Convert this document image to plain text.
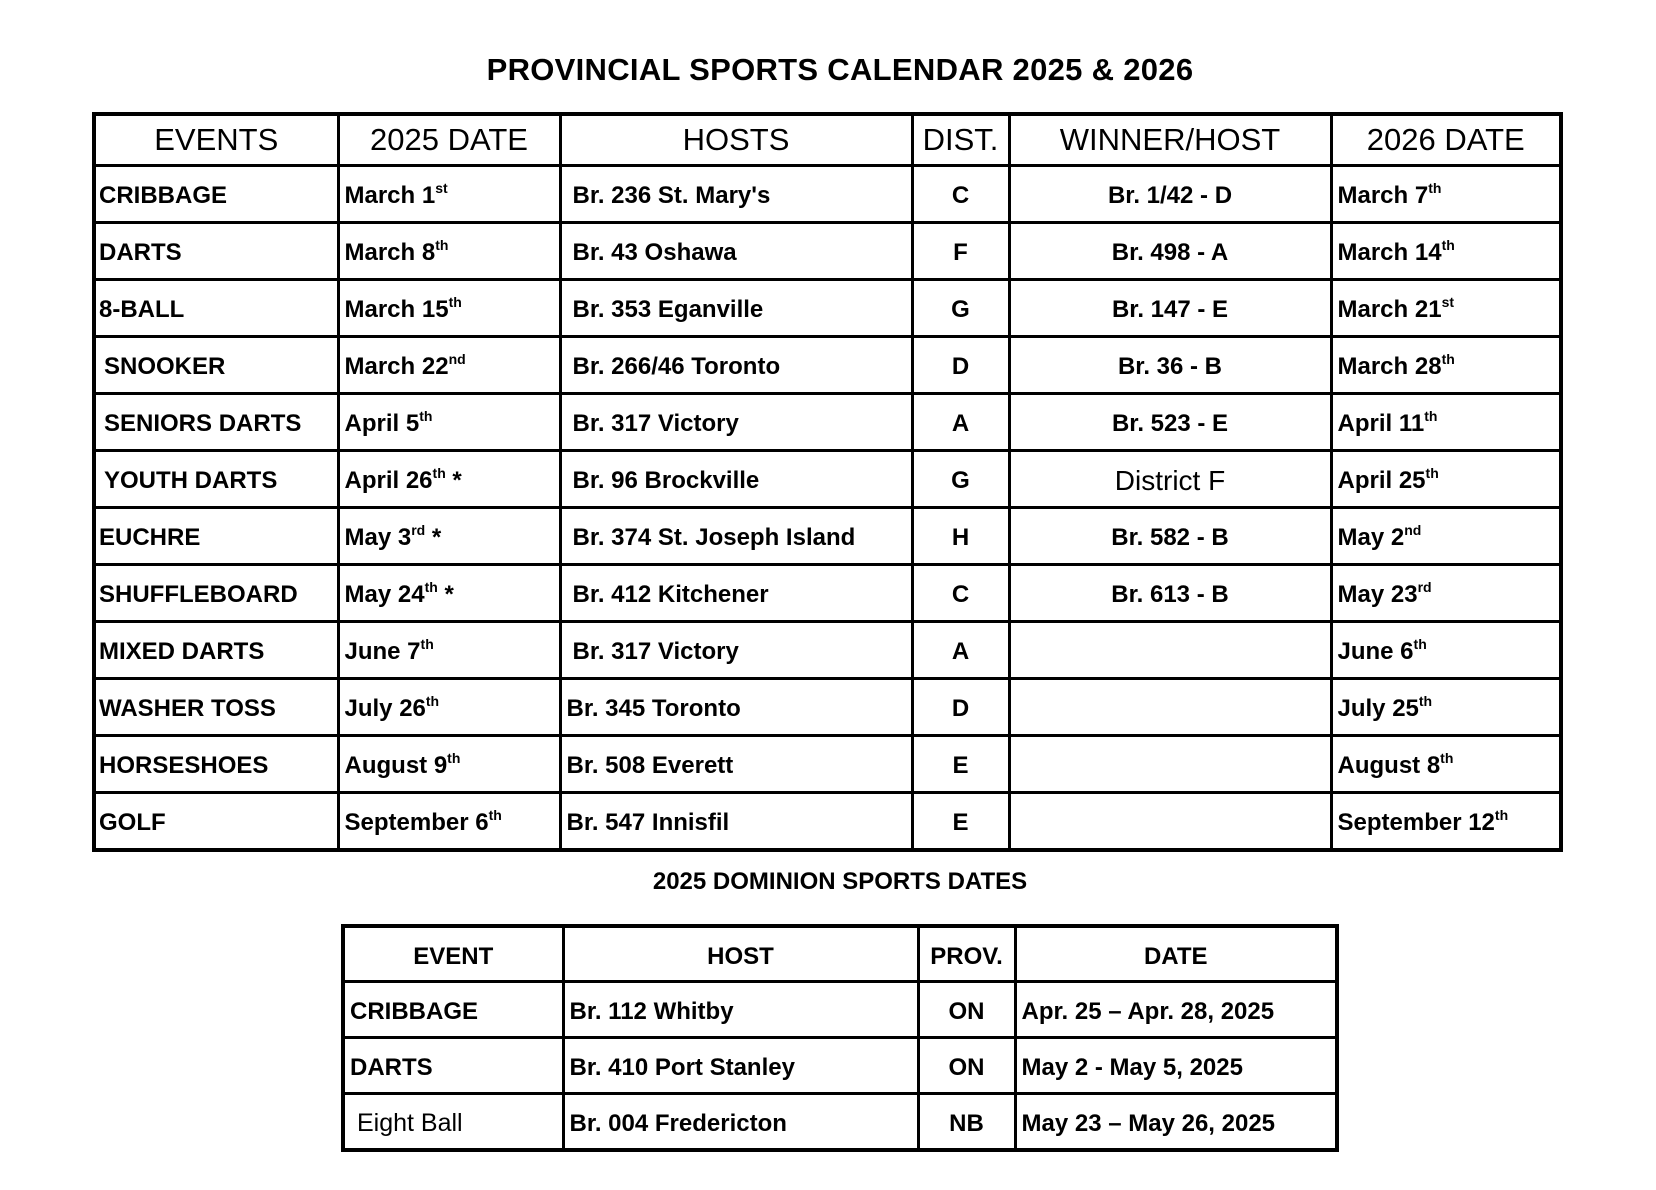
PROVINCIAL SPORTS CALENDAR 2025 & 2026
EVENTS	2025 DATE	HOSTS	DIST.	WINNER/HOST	2026 DATE
CRIBBAGE	March 1st	Br. 236 St. Mary's	C	Br. 1/42 - D	March 7th
DARTS	March 8th	Br. 43 Oshawa	F	Br. 498 - A	March 14th
8-BALL	March 15th	Br. 353 Eganville	G	Br. 147 - E	March 21st
SNOOKER	March 22nd	Br. 266/46 Toronto	D	Br. 36 - B	March 28th
SENIORS DARTS	April 5th	Br. 317 Victory	A	Br. 523 - E	April 11th
YOUTH DARTS	April 26th *	Br. 96 Brockville	G	District F	April 25th
EUCHRE	May 3rd *	Br. 374 St. Joseph Island	H	Br. 582 - B	May 2nd
SHUFFLEBOARD	May 24th *	Br. 412 Kitchener	C	Br. 613 - B	May 23rd
MIXED DARTS	June 7th	Br. 317 Victory	A		June 6th
WASHER TOSS	July 26th	Br. 345 Toronto	D		July 25th
HORSESHOES	August 9th	Br. 508 Everett	E		August 8th
GOLF	September 6th	Br. 547 Innisfil	E		September 12th
2025 DOMINION SPORTS DATES
EVENT	HOST	PROV.	DATE
CRIBBAGE	Br. 112 Whitby	ON	Apr. 25 – Apr. 28, 2025
DARTS	Br. 410 Port Stanley	ON	May 2 - May 5, 2025
Eight Ball	Br. 004 Fredericton	NB	May 23 – May 26, 2025
